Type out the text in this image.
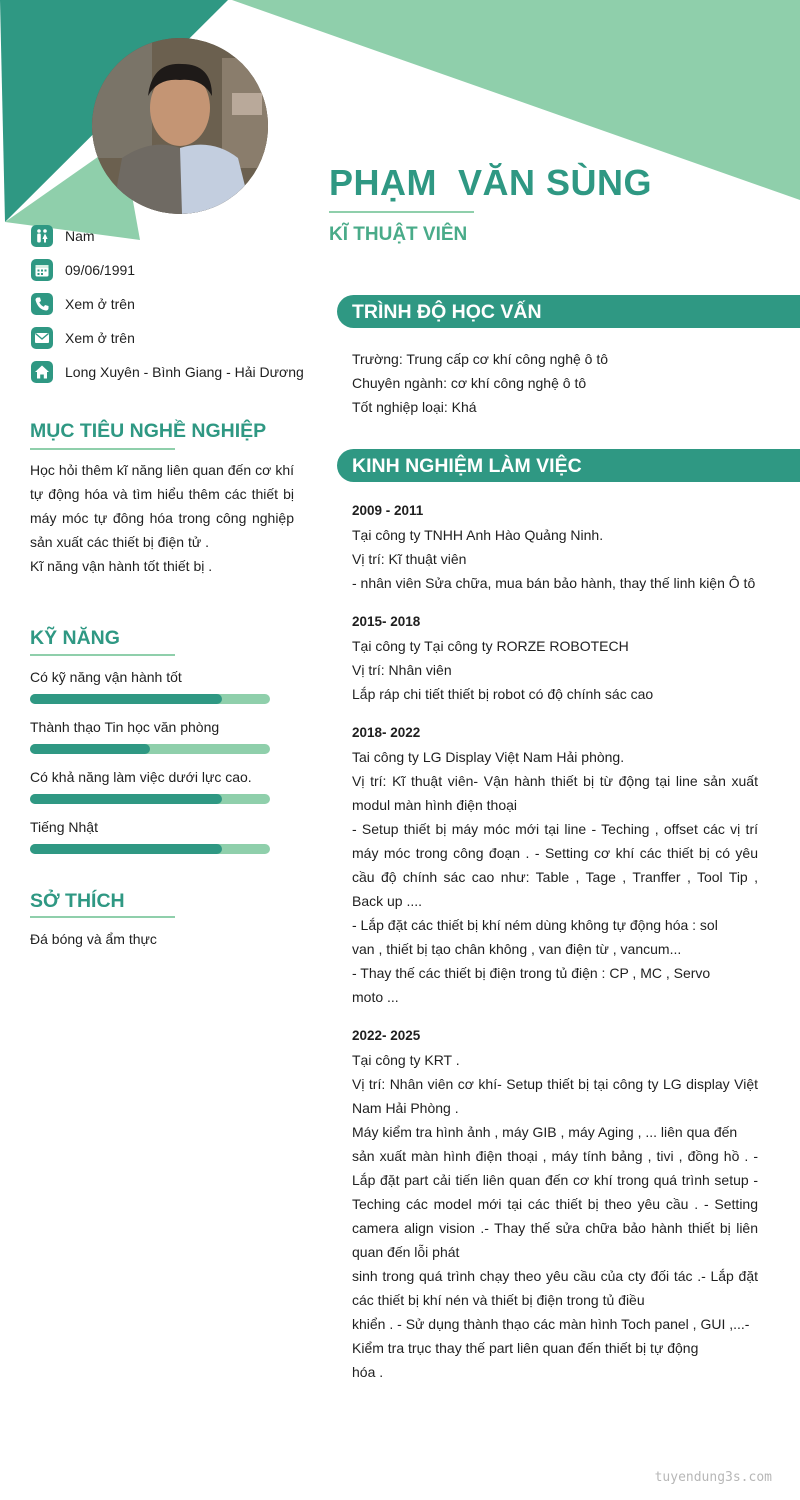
PHẠM  VĂN SÙNG
KĨ THUẬT VIÊN
Nam
09/06/1991
Xem ở trên
Xem ở trên
Long Xuyên - Bình Giang - Hải Dương
MỤC TIÊU NGHỀ NGHIỆP

Học hỏi thêm kĩ năng liên quan đến cơ khí tự động hóa và tìm hiểu thêm các thiết bị máy móc tự đông hóa trong công nghiệp sản xuất các thiết bị điện tử .

Kĩ năng vận hành tốt thiết bị .

KỸ NĂNG
Có kỹ năng vận hành tốt
Thành thạo Tin học văn phòng
Có khả năng làm việc dưới lực cao.
Tiếng Nhật
SỞ THÍCH
Đá bóng và ẩm thực
TRÌNH ĐỘ HỌC VẤN

Trường: Trung cấp cơ khí công nghệ ô tô

Chuyên ngành: cơ khí công nghệ ô tô

Tốt nghiệp loại: Khá

KINH NGHIỆM LÀM VIỆC

2009 - 2011

Tại công ty TNHH Anh Hào Quảng Ninh.

Vị trí: Kĩ thuật viên

- nhân viên Sửa chữa, mua bán bảo hành, thay thế linh kiện Ô tô

2015- 2018

Tại công ty Tại công ty RORZE ROBOTECH

Vị trí: Nhân viên

Lắp ráp chi tiết thiết bị robot có độ chính sác cao

2018- 2022

Tai công ty LG Display Việt Nam Hải phòng.

Vị trí: Kĩ thuật viên- Vận hành thiết bị từ động tại line sản xuất modul màn hình điện thoại

- Setup thiết bị máy móc mới tại line - Teching , offset các vị trí máy móc trong công đoạn . - Setting cơ khí các thiết bị có yêu cầu độ chính sác cao như: Table , Tage , Tranffer , Tool Tip , Back up ....

- Lắp đặt các thiết bị khí ném dùng không tự động hóa : sol

van , thiết bị tạo chân không , van điện từ , vancum...

- Thay thế các thiết bị điện trong tủ điện : CP , MC , Servo

moto ...

2022- 2025

Tại công ty KRT .

Vị trí: Nhân viên cơ khí- Setup thiết bị tại công ty LG display Việt Nam Hải Phòng .

Máy kiểm tra hình ảnh , máy GIB , máy Aging , ... liên qua đến

sản xuất màn hình điện thoại , máy tính bảng , tivi , đồng hồ . - Lắp đặt part cải tiến liên quan đến cơ khí trong quá trình setup - Teching các model mới tại các thiết bị theo yêu cầu . - Setting camera align vision .- Thay thế sửa chữa bảo hành thiết bị liên quan đến lỗi phát

sinh trong quá trình chạy theo yêu cầu của cty đối tác .- Lắp đặt các thiết bị khí nén và thiết bị điện trong tủ điều

khiển . - Sử dụng thành thạo các màn hình Toch panel , GUI ,...-

Kiểm tra trục thay thế part liên quan đến thiết bị tự động

hóa .

tuyendung3s.com
